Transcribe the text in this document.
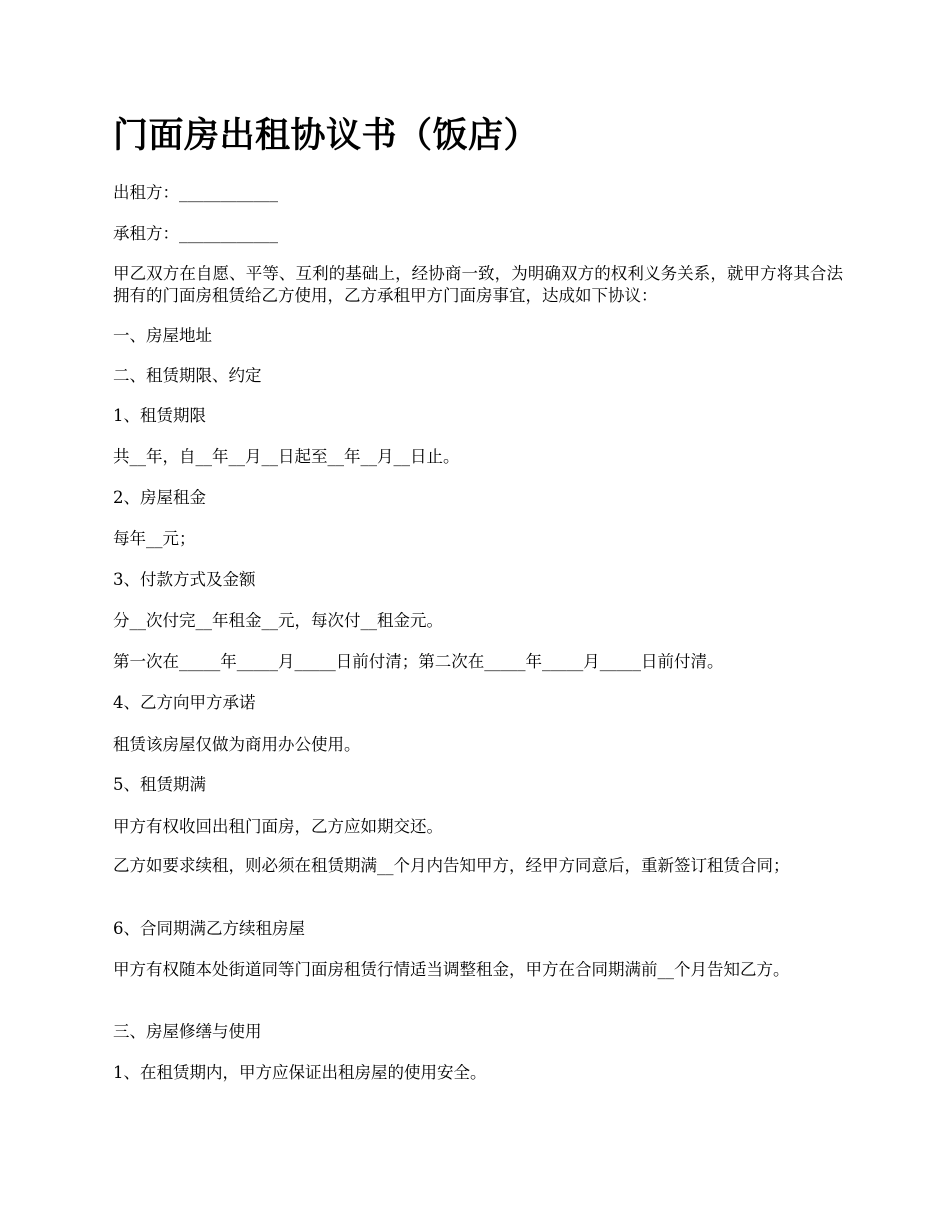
门面房出租协议书（饭店）

出租方：____________

承租方：____________

甲乙双方在自愿、平等、互利的基础上，经协商一致，为明确双方的权利义务关系，就甲方将其合法拥有的门面房租赁给乙方使用，乙方承租甲方门面房事宜，达成如下协议：

一、房屋地址

二、租赁期限、约定

1、租赁期限

共__年，自__年__月__日起至__年__月__日止。

2、房屋租金

每年__元；

3、付款方式及金额

分__次付完__年租金__元，每次付__租金元。

第一次在_____年_____月_____日前付清；第二次在_____年_____月_____日前付清。

4、乙方向甲方承诺

租赁该房屋仅做为商用办公使用。

5、租赁期满

甲方有权收回出租门面房，乙方应如期交还。

乙方如要求续租，则必须在租赁期满__个月内告知甲方，经甲方同意后，重新签订租赁合同；

6、合同期满乙方续租房屋

甲方有权随本处街道同等门面房租赁行情适当调整租金，甲方在合同期满前__个月告知乙方。

三、房屋修缮与使用

1、在租赁期内，甲方应保证出租房屋的使用安全。
